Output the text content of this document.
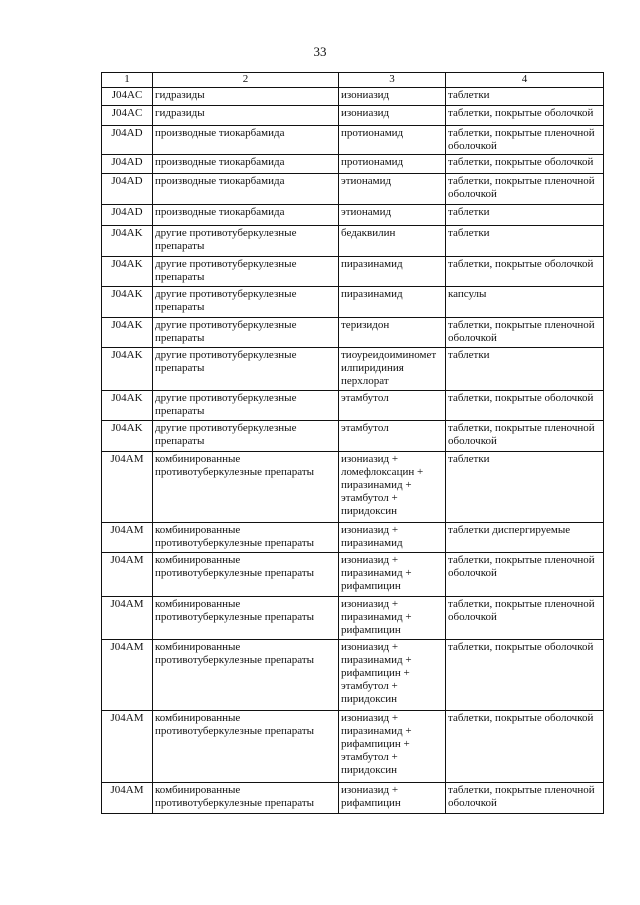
33
1	2	3	4
J04AC	гидразиды	изониазид	таблетки
J04AC	гидразиды	изониазид	таблетки, покрытые оболочкой
J04AD	производные тиокарбамида	протионамид	таблетки, покрытые пленочной
оболочкой
J04AD	производные тиокарбамида	протионамид	таблетки, покрытые оболочкой
J04AD	производные тиокарбамида	этионамид	таблетки, покрытые пленочной
оболочкой
J04AD	производные тиокарбамида	этионамид	таблетки
J04AK	другие противотуберкулезные
препараты	бедаквилин	таблетки
J04AK	другие противотуберкулезные
препараты	пиразинамид	таблетки, покрытые оболочкой
J04AK	другие противотуберкулезные
препараты	пиразинамид	капсулы
J04AK	другие противотуберкулезные
препараты	теризидон	таблетки, покрытые пленочной
оболочкой
J04AK	другие противотуберкулезные
препараты	тиоуреидоиминомет
илпиридиния
перхлорат	таблетки
J04AK	другие противотуберкулезные
препараты	этамбутол	таблетки, покрытые оболочкой
J04AK	другие противотуберкулезные
препараты	этамбутол	таблетки, покрытые пленочной
оболочкой
J04AM	комбинированные
противотуберкулезные препараты	изониазид +
ломефлоксацин +
пиразинамид +
этамбутол +
пиридоксин	таблетки
J04AM	комбинированные
противотуберкулезные препараты	изониазид +
пиразинамид	таблетки диспергируемые
J04AM	комбинированные
противотуберкулезные препараты	изониазид +
пиразинамид +
рифампицин	таблетки, покрытые пленочной
оболочкой
J04AM	комбинированные
противотуберкулезные препараты	изониазид +
пиразинамид +
рифампицин	таблетки, покрытые пленочной
оболочкой
J04AM	комбинированные
противотуберкулезные препараты	изониазид +
пиразинамид +
рифампицин +
этамбутол +
пиридоксин	таблетки, покрытые оболочкой
J04AM	комбинированные
противотуберкулезные препараты	изониазид +
пиразинамид +
рифампицин +
этамбутол +
пиридоксин	таблетки, покрытые оболочкой
J04AM	комбинированные
противотуберкулезные препараты	изониазид +
рифампицин	таблетки, покрытые пленочной
оболочкой
